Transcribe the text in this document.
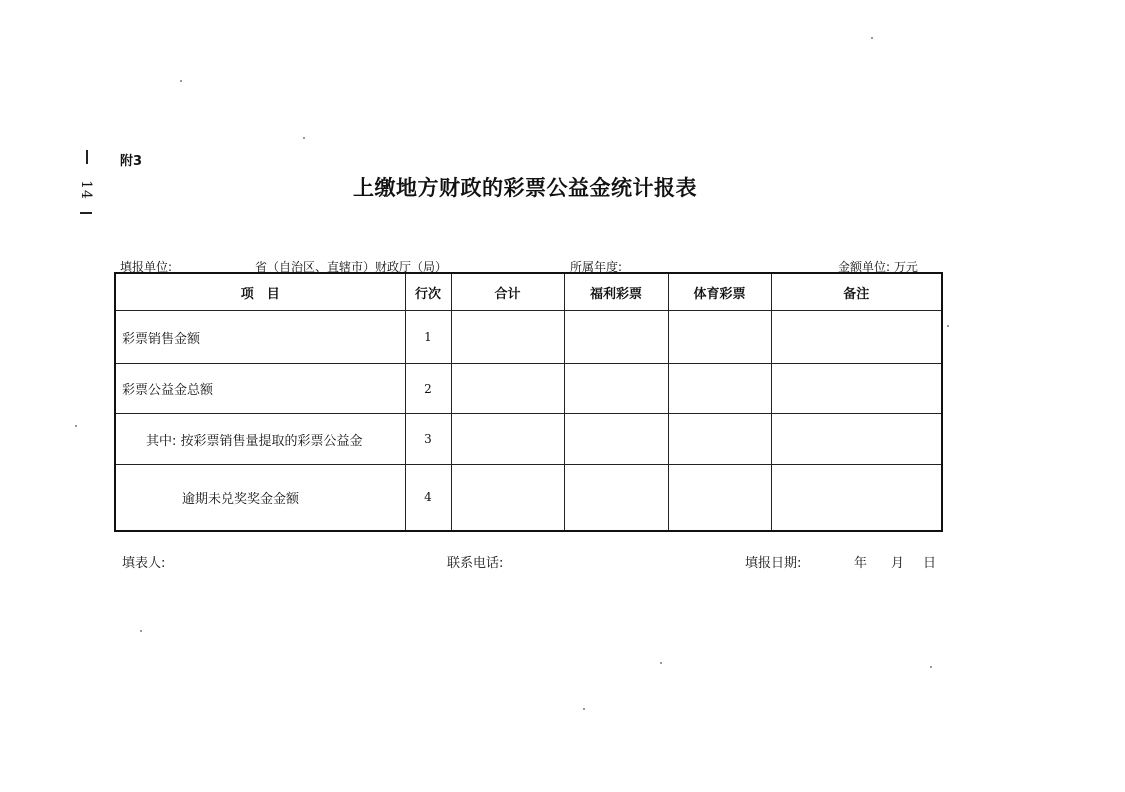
14
附3
上缴地方财政的彩票公益金统计报表
填报单位:	省（自治区、直辖市）财政厅（局）	所属年度:	金额单位: 万元
项　目	行次	合计	福利彩票	体育彩票	备注
彩票销售金额	1				
彩票公益金总额	2				
其中: 按彩票销售量提取的彩票公益金	3				
逾期未兑奖奖金金额	4				
填表人:	联系电话:	填报日期:	年 月 日
